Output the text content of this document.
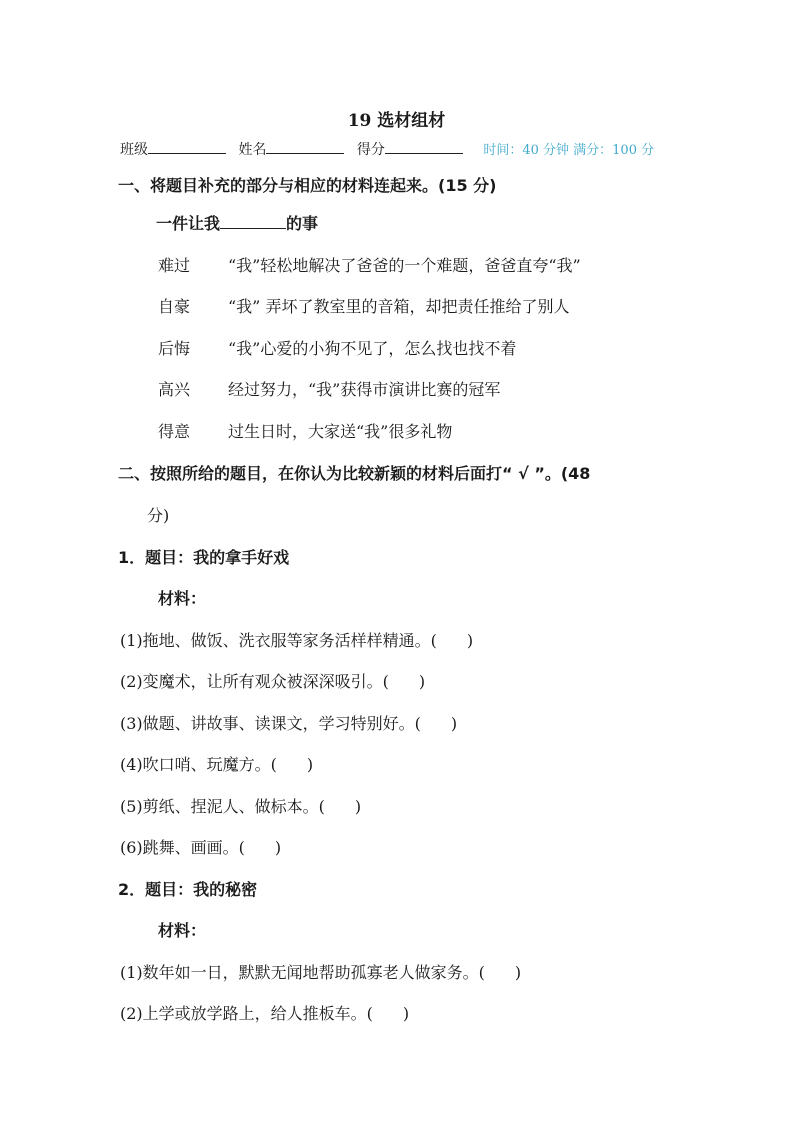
19 选材组材
班级	姓名	得分	时间：40 分钟 满分：100 分
一、将题目补充的部分与相应的材料连起来。(15 分)
一件让我	的事
难过 “我”轻松地解决了爸爸的一个难题，爸爸直夸“我”
自豪 “我” 弄坏了教室里的音箱，却把责任推给了别人
后悔 “我”心爱的小狗不见了，怎么找也找不着
高兴 经过努力，“我”获得市演讲比赛的冠军
得意 过生日时，大家送“我”很多礼物
二、按照所给的题目，在你认为比较新颖的材料后面打“ √ ”。(48
分)
1．题目：我的拿手好戏
材料：
(1)拖地、做饭、洗衣服等家务活样样精通。( )
(2)变魔术，让所有观众被深深吸引。( )
(3)做题、讲故事、读课文，学习特别好。( )
(4)吹口哨、玩魔方。( )
(5)剪纸、捏泥人、做标本。( )
(6)跳舞、画画。( )
2．题目：我的秘密
材料：
(1)数年如一日，默默无闻地帮助孤寡老人做家务。( )
(2)上学或放学路上，给人推板车。( )
